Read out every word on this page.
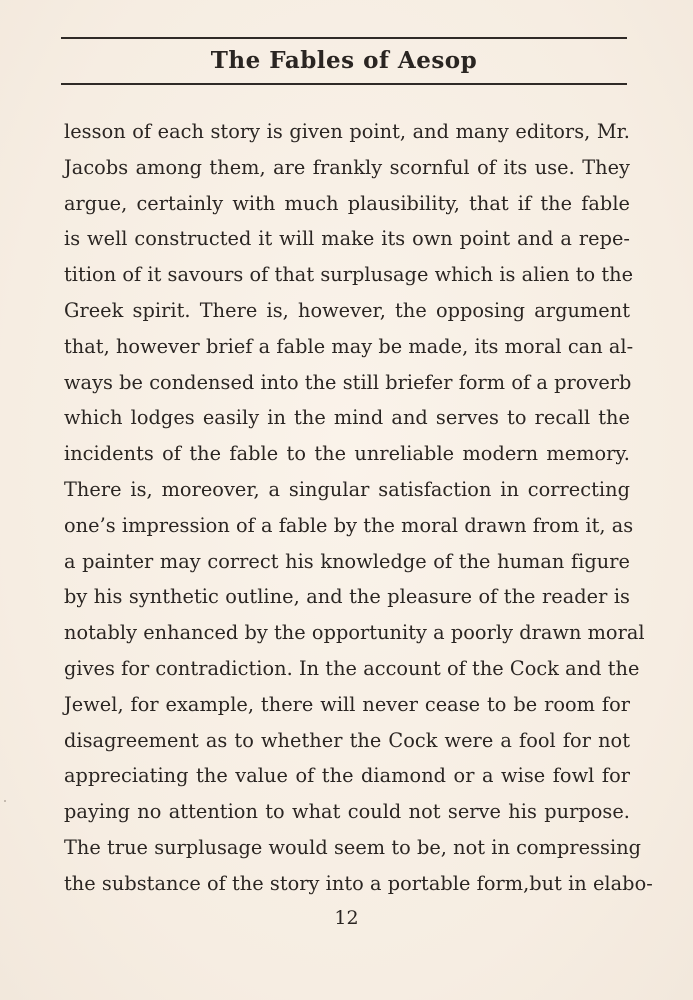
The Fables of Aesop
lesson of each story is given point, and many editors, Mr.
Jacobs among them, are frankly scornful of its use. They
argue, certainly with much plausibility, that if the fable
is well constructed it will make its own point and a repe-
tition of it savours of that surplusage which is alien to the
Greek spirit. There is, however, the opposing argument
that, however brief a fable may be made, its moral can al-
ways be condensed into the still briefer form of a proverb
which lodges easily in the mind and serves to recall the
incidents of the fable to the unreliable modern memory.
There is, moreover, a singular satisfaction in correcting
one’s impression of a fable by the moral drawn from it, as
a painter may correct his knowledge of the human figure
by his synthetic outline, and the pleasure of the reader is
notably enhanced by the opportunity a poorly drawn moral
gives for contradiction. In the account of the Cock and the
Jewel, for example, there will never cease to be room for
disagreement as to whether the Cock were a fool for not
appreciating the value of the diamond or a wise fowl for
paying no attention to what could not serve his purpose.
The true surplusage would seem to be, not in compressing
the substance of the story into a portable form,but in elabo-
12
